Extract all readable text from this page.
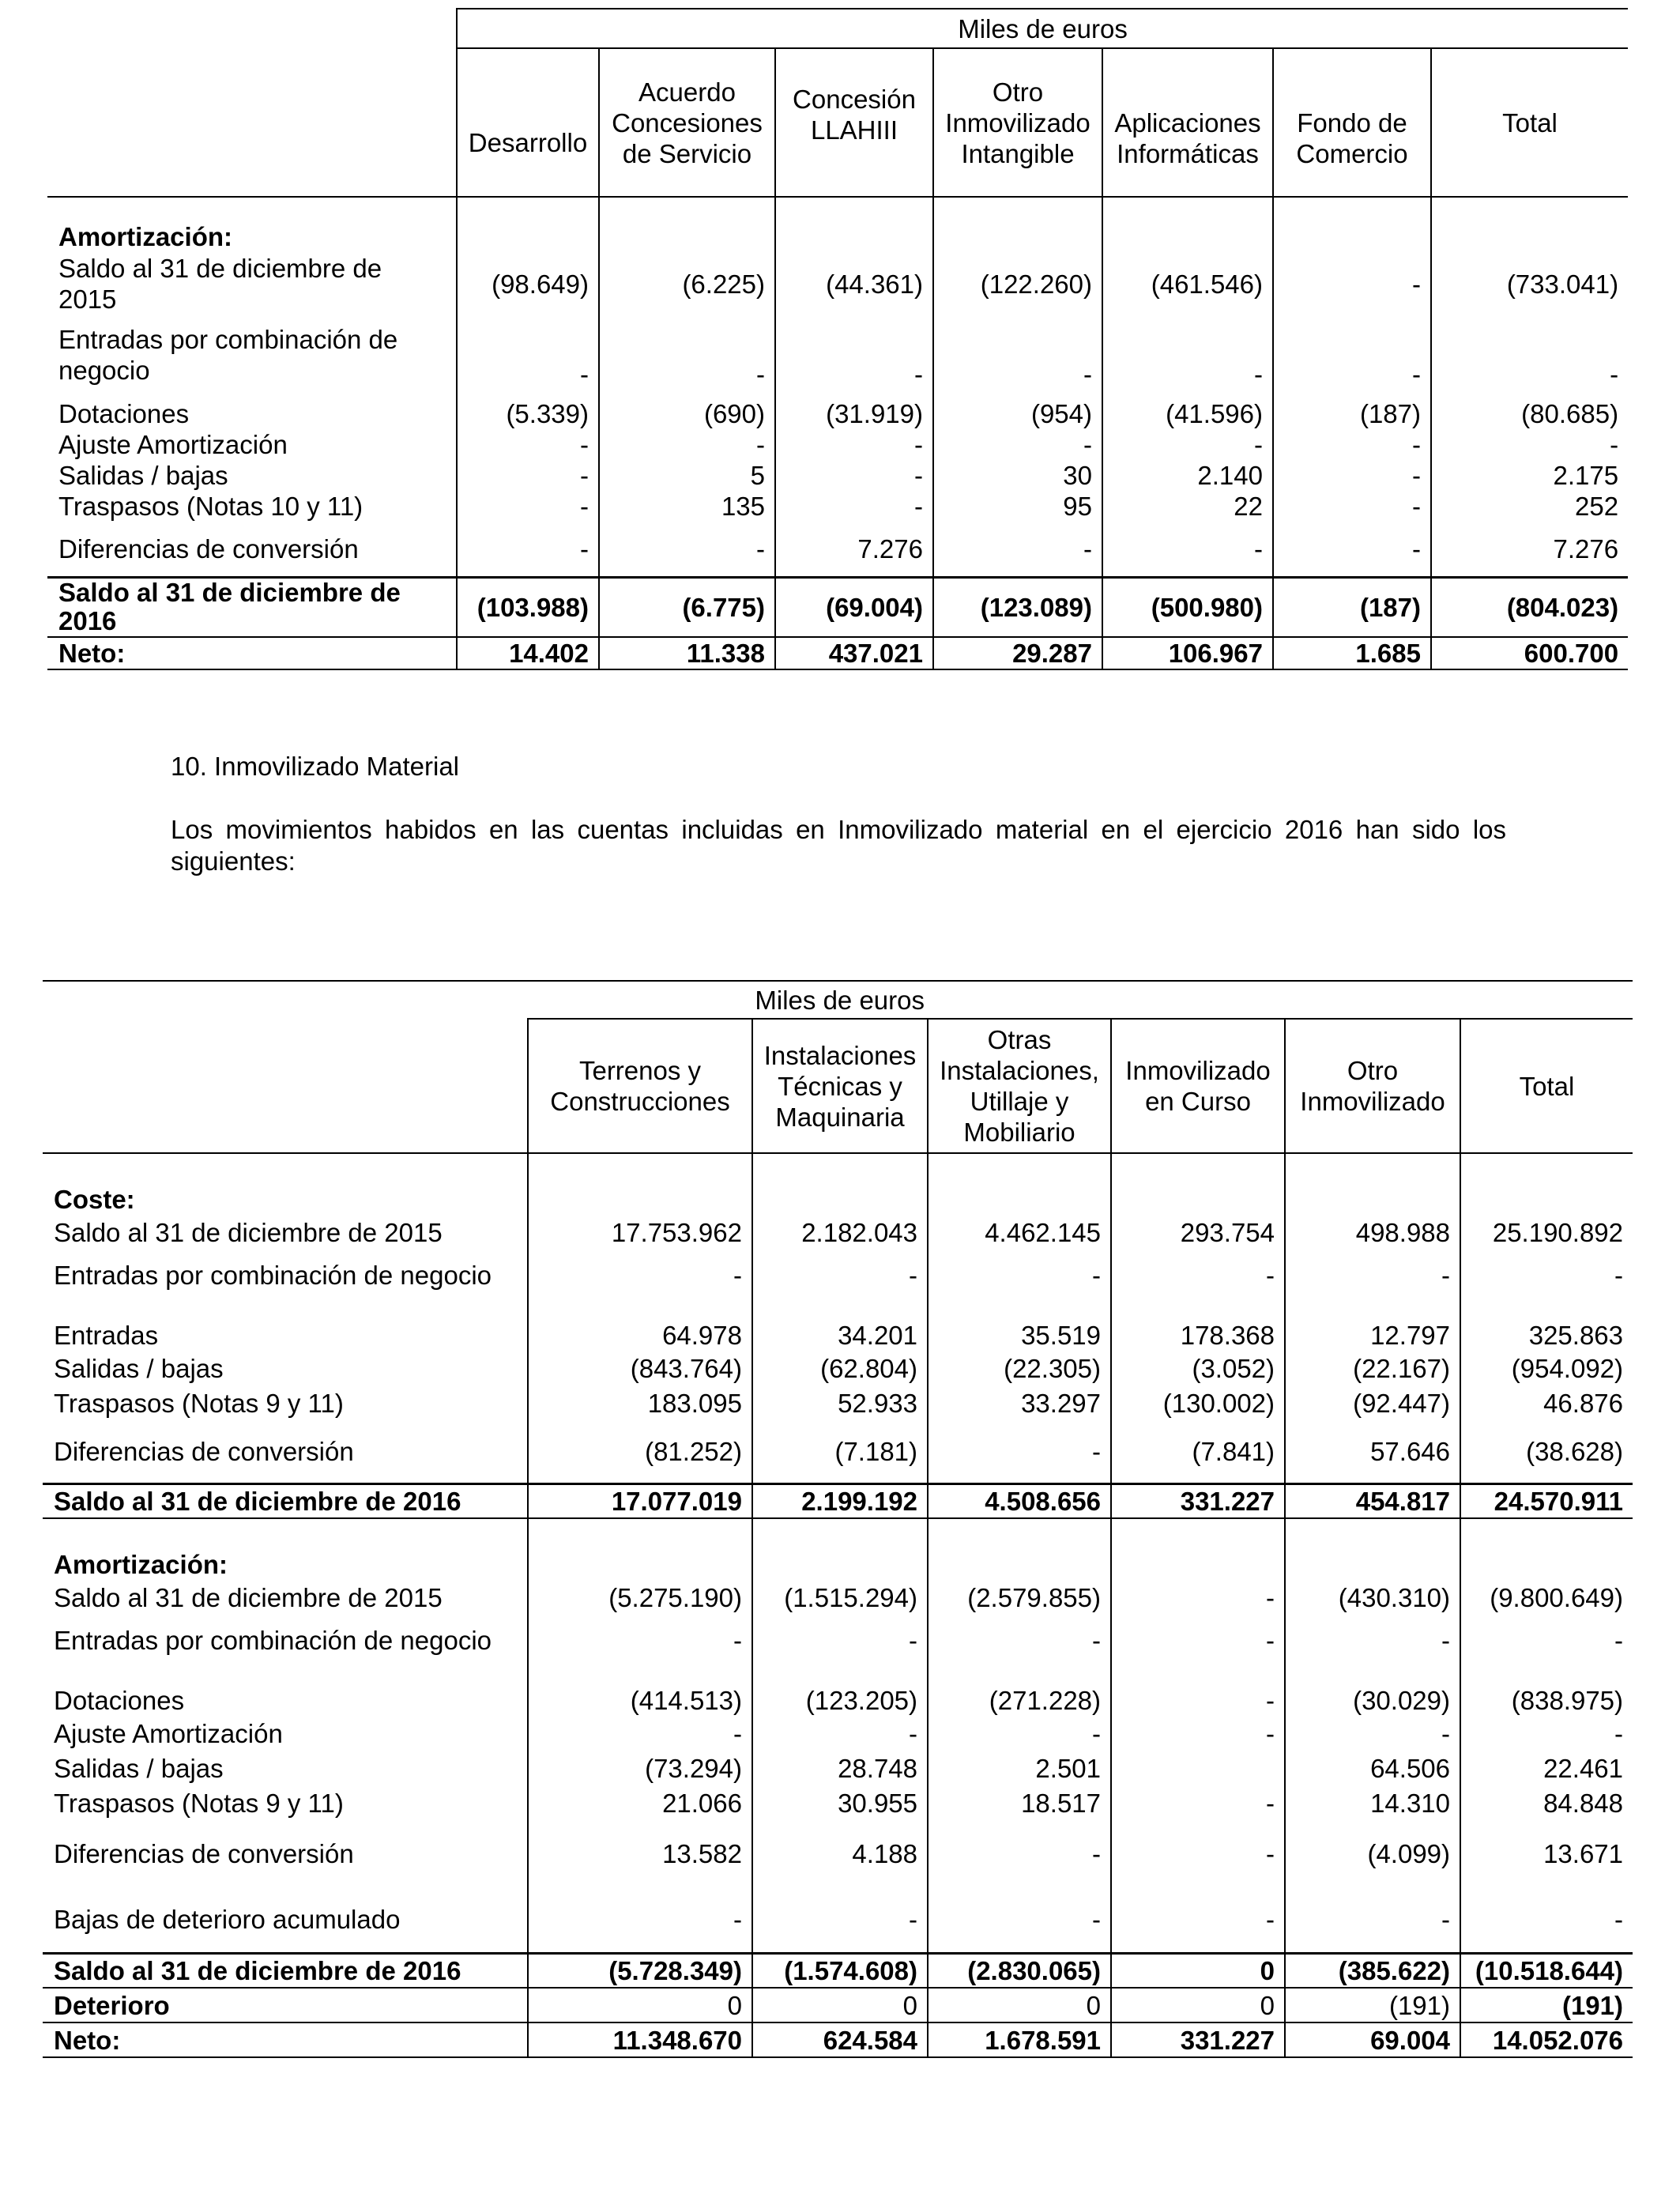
	Miles de euros						
	Desarrollo	Acuerdo Concesiones de Servicio	Concesión LLAHIII	Otro Inmovilizado Intangible	Aplicaciones Informáticas	Fondo de Comercio	Total
Amortización:							
Saldo al 31 de diciembre de 2015	(98.649)	(6.225)	(44.361)	(122.260)	(461.546)	-	(733.041)
Entradas por combinación de negocio	-	-	-	-	-	-	-
Dotaciones	(5.339)	(690)	(31.919)	(954)	(41.596)	(187)	(80.685)
Ajuste Amortización	-	-	-	-	-	-	-
Salidas / bajas	-	5	-	30	2.140	-	2.175
Traspasos (Notas 10 y 11)	-	135	-	95	22	-	252
Diferencias de conversión	-	-	7.276	-	-	-	7.276
Saldo al 31 de diciembre de 2016	(103.988)	(6.775)	(69.004)	(123.089)	(500.980)	(187)	(804.023)
Neto:	14.402	11.338	437.021	29.287	106.967	1.685	600.700
10. Inmovilizado Material
Los movimientos habidos en las cuentas incluidas en Inmovilizado material en el ejercicio 2016 han sido los siguientes:
	Miles de euros					
	Terrenos y Construcciones	Instalaciones Técnicas y Maquinaria	Otras Instalaciones, Utillaje y Mobiliario	Inmovilizado en Curso	Otro Inmovilizado	Total
Coste:						
Saldo al 31 de diciembre de 2015	17.753.962	2.182.043	4.462.145	293.754	498.988	25.190.892
Entradas por combinación de negocio	-	-	-	-	-	-
Entradas	64.978	34.201	35.519	178.368	12.797	325.863
Salidas / bajas	(843.764)	(62.804)	(22.305)	(3.052)	(22.167)	(954.092)
Traspasos (Notas 9 y 11)	183.095	52.933	33.297	(130.002)	(92.447)	46.876
Diferencias de conversión	(81.252)	(7.181)	-	(7.841)	57.646	(38.628)
Saldo al 31 de diciembre de 2016	17.077.019	2.199.192	4.508.656	331.227	454.817	24.570.911
Amortización:						
Saldo al 31 de diciembre de 2015	(5.275.190)	(1.515.294)	(2.579.855)	-	(430.310)	(9.800.649)
Entradas por combinación de negocio	-	-	-	-	-	-
Dotaciones	(414.513)	(123.205)	(271.228)	-	(30.029)	(838.975)
Ajuste Amortización	-	-	-	-	-	-
Salidas / bajas	(73.294)	28.748	2.501		64.506	22.461
Traspasos (Notas 9 y 11)	21.066	30.955	18.517	-	14.310	84.848
Diferencias de conversión	13.582	4.188	-	-	(4.099)	13.671
Bajas de deterioro acumulado	-	-	-	-	-	-
Saldo al 31 de diciembre de 2016	(5.728.349)	(1.574.608)	(2.830.065)	0	(385.622)	(10.518.644)
Deterioro	0	0	0	0	(191)	(191)
Neto:	11.348.670	624.584	1.678.591	331.227	69.004	14.052.076
